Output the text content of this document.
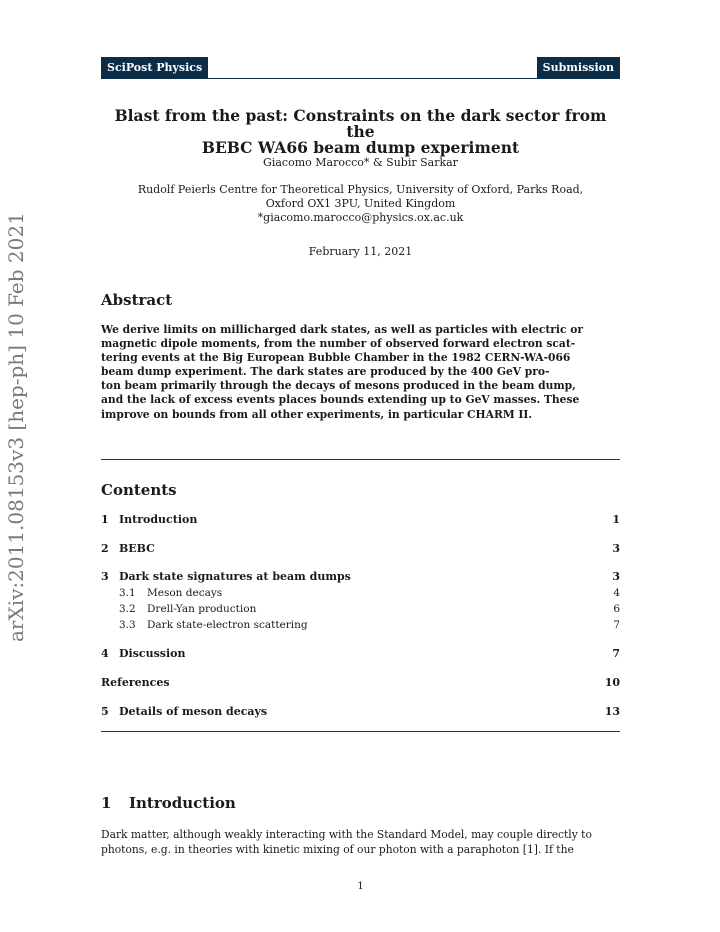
SciPost Physics	Submission
Blast from the past: Constraints on the dark sector from the
BEBC WA66 beam dump experiment
Giacomo Marocco* & Subir Sarkar
Rudolf Peierls Centre for Theoretical Physics, University of Oxford, Parks Road,
Oxford OX1 3PU, United Kingdom
*giacomo.marocco@physics.ox.ac.uk
February 11, 2021
arXiv:2011.08153v3 [hep-ph] 10 Feb 2021	Abstract
We derive limits on millicharged dark states, as well as particles with electric or
magnetic dipole moments, from the number of observed forward electron scat-
tering events at the Big European Bubble Chamber in the 1982 CERN-WA-066
beam dump experiment. The dark states are produced by the 400 GeV pro-
ton beam primarily through the decays of mesons produced in the beam dump,
and the lack of excess events places bounds extending up to GeV masses. These
improve on bounds from all other experiments, in particular CHARM II.
Contents
1 Introduction	1
2 BEBC	3
3 Dark state signatures at beam dumps	3
3.1 Meson decays	4
3.2 Drell-Yan production	6
3.3 Dark state-electron scattering	7
4 Discussion	7
References	10
5 Details of meson decays	13
1 Introduction
Dark matter, although weakly interacting with the Standard Model, may couple directly to
photons, e.g. in theories with kinetic mixing of our photon with a paraphoton [1]. If the
1
